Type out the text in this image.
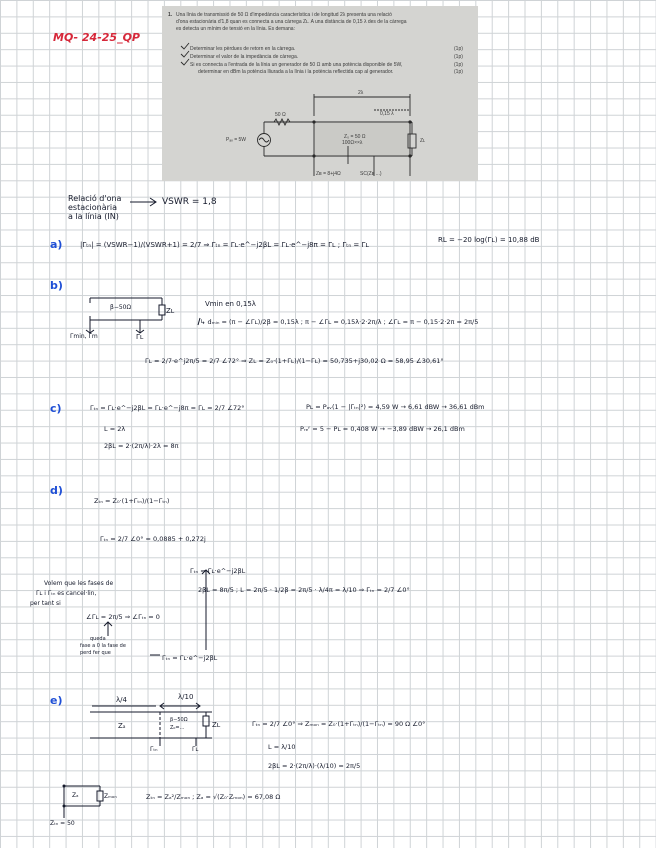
MQ- 24-25_QP
1. Una línia de transmissió de 50 Ω d'impedància característica i de longitud 2λ presenta una relació
d'ona estacionària d'1,8 quan es connecta a una càrrega Zʟ. A una distància de 0,15 λ des de la càrrega
es detecta un mínim de tensió en la línia. Es demana:
Determinar les pèrdues de retorn en la càrrega.	(1p)
Determinar el valor de la impedància de càrrega.	(1p)
Si es connecta a l'entrada de la línia un generador de 50 Ω amb una potència disponible de 5W,	(1p)
determinar en dBm la potència lliurada a la línia i la potència reflectida cap al generador.	(1p)
2λ
0,15 λ
50 Ω
Pₐᵥ = 5W	Z₀ = 50 Ω
100Ω××λ	Zʟ
Zʙ = 8+j4Ω	SC(Zʙ ...)
Relació d'ona
estacionària
a la línia (IN)
VSWR = 1,8
a)	|Γₜₙ| = (VSWR−1)/(VSWR+1) = 2/7 ⇒ Γₜₙ = Γʟ·e^−j2βL = Γʟ·e^−j8π = Γʟ ; Γₜₙ = Γʟ
RL = −20 log(Γʟ) = 10,88 dB
b)
β−50Ω	Zʟ
Γmin, Γm	Γʟ
Vmin en 0,15λ
↳ dₘᵢₙ = (π − ∠Γʟ)/2β = 0,15λ ; π − ∠Γʟ = 0,15λ·2·2π/λ ; ∠Γʟ = π − 0,15·2·2π = 2π/5
Γʟ = 2/7·e^j2π/5 = 2/7 ∠72° ⇒ Zʟ = Z₀·(1+Γʟ)/(1−Γʟ) = 50,735+j30,02 Ω = 58,95 ∠30,61°
c)	Γₜₙ = Γʟ·e^−j2βL = Γʟ·e^−j8π = Γʟ = 2/7 ∠72°
L = 2λ
2βL = 2·(2π/λ)·2λ = 8π
Pʟ = Pₐᵥ(1 − |Γₜₙ|²) = 4,59 W → 6,61 dBW → 36,61 dBm
Pᵣₑᶠ = 5 − Pʟ = 0,408 W → −3,89 dBW → 26,1 dBm
d)
Zₜₙ = Z₀·(1+Γₜₙ)/(1−Γₜₙ)
Γₜₙ = 2/7 ∠0° = 0,0885 + 0,272j
Γₜₙ = Γʟ·e^−j2βL
2βL = 8π/5 ; L = 2π/5 · 1/2β = 2π/5 · λ/4π = λ/10 ⇒ Γₜₙ = 2/7 ∠0°
Volem que les fases de
Γʟ i Γₜₙ es cancel·lin,
per tant si
∠Γʟ = 2π/5 ⇒ ∠Γₜₙ = 0
queda
fase a 0 la fase de
perd fer que
Γₜₙ = Γʟ·e^−j2βL
e)	λ/4	λ/10
Zₐ
β−50Ω
Z₀=...	Zʟ
Γₜₙ	Γʟ
Γₜₙ = 2/7 ∠0° ⇒ Zₘₒₙ = Z₀·(1+Γₜₙ)/(1−Γₜₙ) = 90 Ω ∠0°
L = λ/10
2βL = 2·(2π/λ)·(λ/10) = 2π/5
Zₐ	Zₘₒₙ	Zₜₙ = Zₐ²/Zₘₒₙ ; Zₐ = √(Z₀·Zₘₒₙ) = 67,08 Ω
Zₜₙ = 50
